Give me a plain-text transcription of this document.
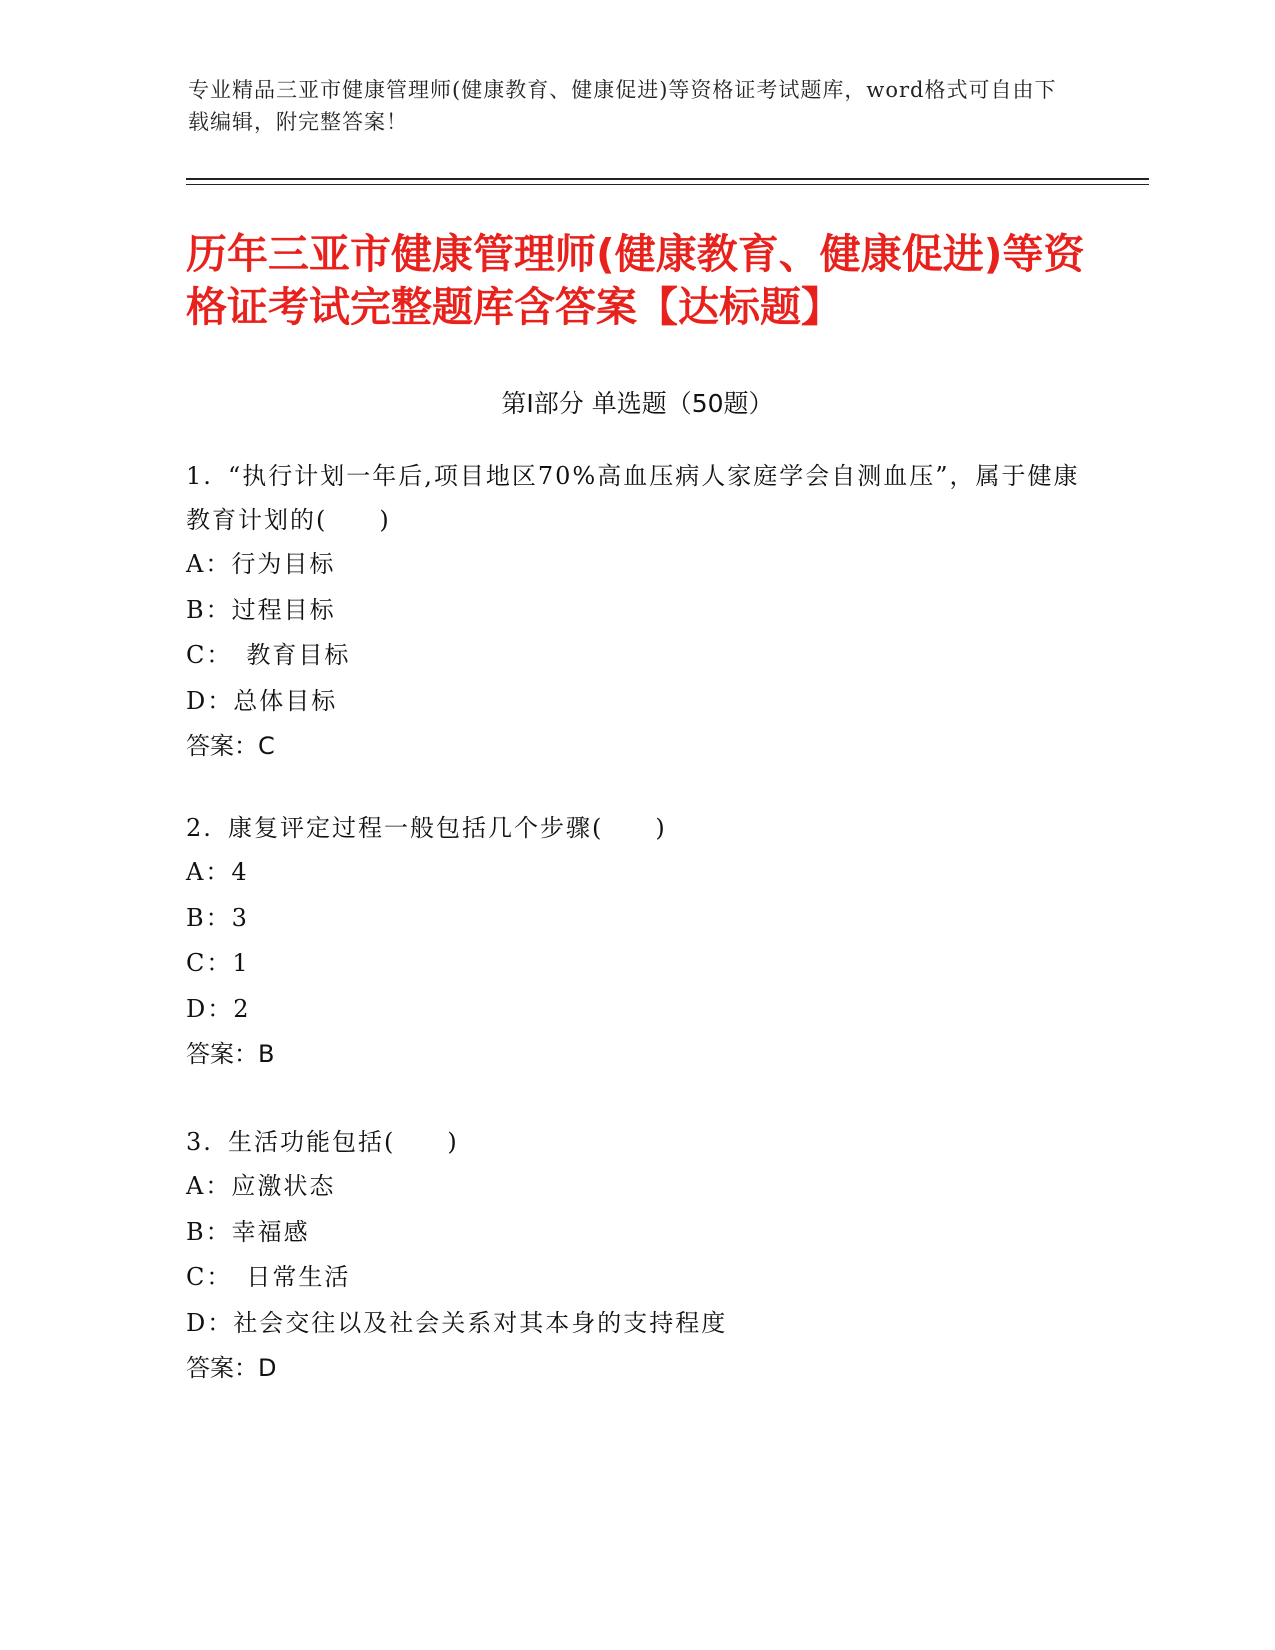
专业精品三亚市健康管理师(健康教育、健康促进)等资格证考试题库，word格式可自由下载编辑，附完整答案！
历年三亚市健康管理师(健康教育、健康促进)等资格证考试完整题库含答案【达标题】
第Ⅰ部分 单选题（50题）

1. “执行计划一年后,项目地区70%高血压病人家庭学会自测血压”，属于健康教育计划的(　　)

A：行为目标

B：过程目标

C：　教育目标

D：总体目标

答案：C

2. 康复评定过程一般包括几个步骤(　　)

A：4

B：3

C：1

D：2

答案：B

3. 生活功能包括(　　)

A：应激状态

B：幸福感

C：　日常生活

D：社会交往以及社会关系对其本身的支持程度

答案：D
